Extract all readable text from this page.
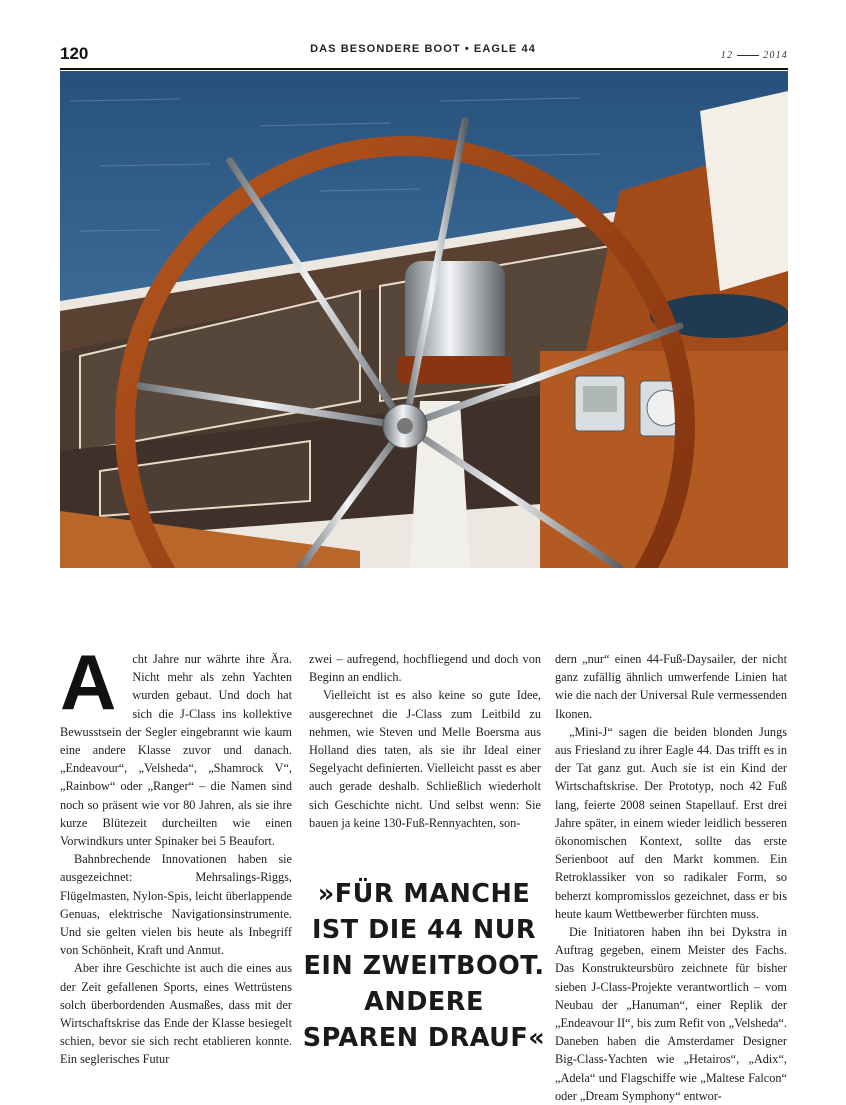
120	DAS BESONDERE BOOT • EAGLE 44
12	2014
A	cht Jahre nur währte ihre Ära. Nicht mehr als zehn Yachten wurden gebaut. Und doch hat sich die J-Class ins kollektive Bewusstsein der Segler eingebrannt wie kaum eine andere Klasse zuvor und danach. „Endeavour“, „Velsheda“, „Shamrock V“, „Rainbow“ oder „Ranger“ – die Namen sind noch so präsent wie vor 80 Jahren, als sie ihre kurze Blütezeit durcheilten wie einen Vorwindkurs unter Spinaker bei 5 Beaufort.

Bahnbrechende Innovationen haben sie ausgezeichnet: Mehrsalings-Riggs, Flügelmasten, Nylon-Spis, leicht überlappende Genuas, elektrische Navigationsinstrumente. Und sie gelten vielen bis heute als Inbegriff von Schönheit, Kraft und Anmut.

Aber ihre Geschichte ist auch die eines aus der Zeit gefallenen Sports, eines Wettrüstens solch überbordenden Ausmaßes, dass mit der Wirtschaftskrise das Ende der Klasse besiegelt schien, bevor sie sich recht etablieren konnte. Ein seglerisches Futur

zwei – aufregend, hochfliegend und doch von Beginn an endlich.

Vielleicht ist es also keine so gute Idee, ausgerechnet die J-Class zum Leitbild zu nehmen, wie Steven und Melle Boersma aus Holland dies taten, als sie ihr Ideal einer Segelyacht definierten. Vielleicht passt es aber auch gerade deshalb. Schließlich wiederholt sich Geschichte nicht. Und selbst wenn: Sie bauen ja keine 130-Fuß-Rennyachten, son-

»FÜR MANCHE
IST DIE 44 NUR
EIN ZWEITBOOT.
ANDERE
SPAREN DRAUF«

dern „nur“ einen 44-Fuß-Daysailer, der nicht ganz zufällig ähnlich umwerfende Linien hat wie die nach der Universal Rule vermessenden Ikonen.

„Mini-J“ sagen die beiden blonden Jungs aus Friesland zu ihrer Eagle 44. Das trifft es in der Tat ganz gut. Auch sie ist ein Kind der Wirtschaftskrise. Der Prototyp, noch 42 Fuß lang, feierte 2008 seinen Stapellauf. Erst drei Jahre später, in einem wieder leidlich besseren ökonomischen Kontext, sollte das erste Serienboot auf den Markt kommen. Ein Retroklassiker von so radikaler Form, so beherzt kompromisslos gezeichnet, dass er bis heute kaum Wettbewerber fürchten muss.

Die Initiatoren haben ihn bei Dykstra in Auftrag gegeben, einem Meister des Fachs. Das Konstrukteursbüro zeichnete für bisher sieben J-Class-Projekte verantwortlich – vom Neubau der „Hanuman“, einer Replik der „Endeavour II“, bis zum Refit von „Velsheda“. Daneben haben die Amsterdamer Designer Big-Class-Yachten wie „Hetairos“, „Adix“, „Adela“ und Flagschiffe wie „Maltese Falcon“ oder „Dream Symphony“ entwor-
